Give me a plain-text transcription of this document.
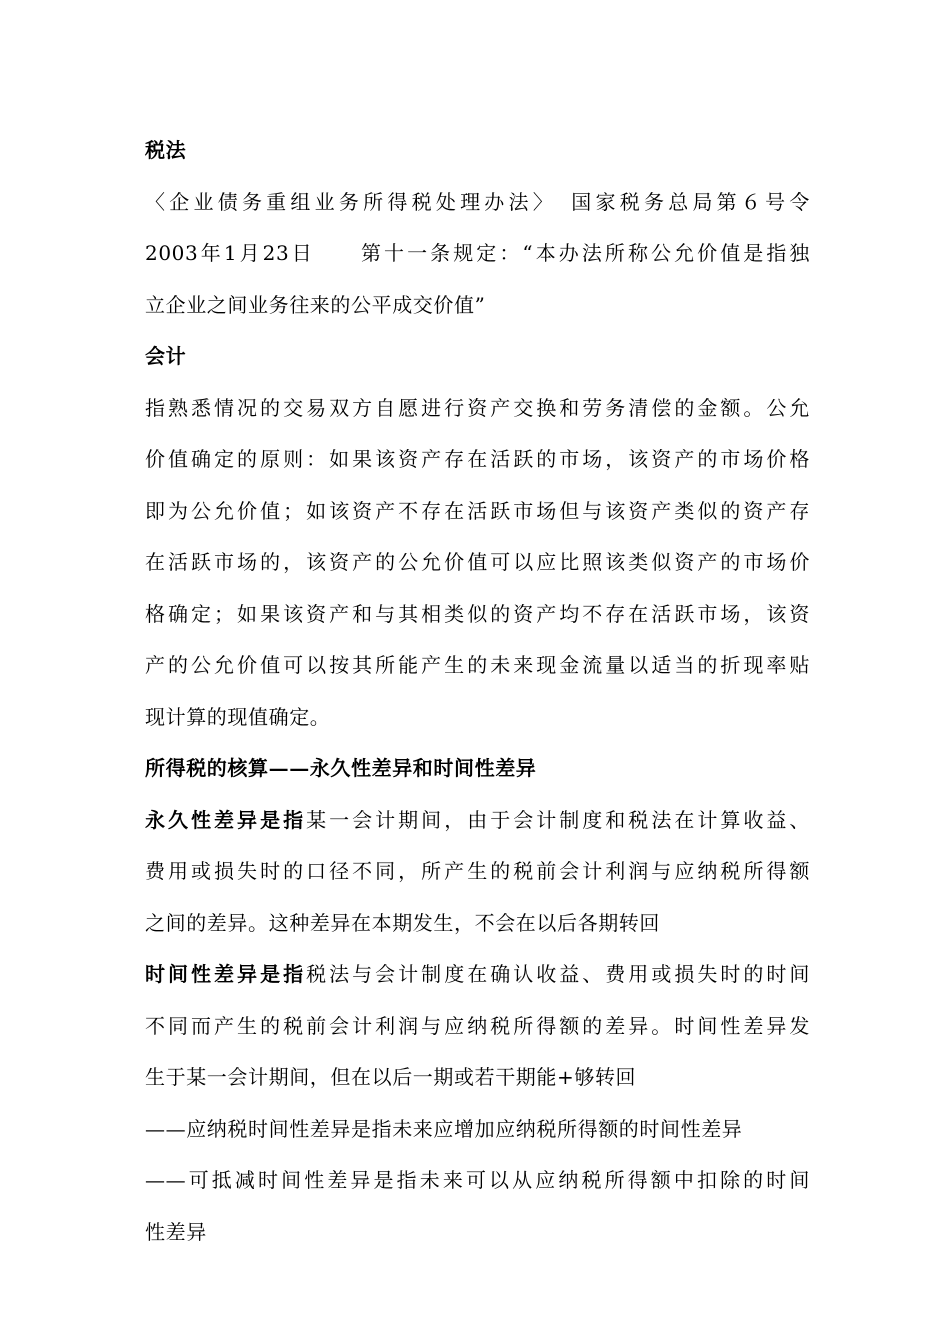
税法
〈企业债务重组业务所得税处理办法〉　国家税务总局第６号令
2003年1月23日　　第十一条规定：“本办法所称公允价值是指独
立企业之间业务往来的公平成交价值”
会计
指熟悉情况的交易双方自愿进行资产交换和劳务清偿的金额。公允
价值确定的原则：如果该资产存在活跃的市场，该资产的市场价格
即为公允价值；如该资产不存在活跃市场但与该资产类似的资产存
在活跃市场的，该资产的公允价值可以应比照该类似资产的市场价
格确定；如果该资产和与其相类似的资产均不存在活跃市场，该资
产的公允价值可以按其所能产生的未来现金流量以适当的折现率贴
现计算的现值确定。
所得税的核算——永久性差异和时间性差异
永久性差异是指某一会计期间，由于会计制度和税法在计算收益、
费用或损失时的口径不同，所产生的税前会计利润与应纳税所得额
之间的差异。这种差异在本期发生，不会在以后各期转回
时间性差异是指税法与会计制度在确认收益、费用或损失时的时间
不同而产生的税前会计利润与应纳税所得额的差异。时间性差异发
生于某一会计期间，但在以后一期或若干期能+够转回
——应纳税时间性差异是指未来应增加应纳税所得额的时间性差异
——可抵减时间性差异是指未来可以从应纳税所得额中扣除的时间
性差异
